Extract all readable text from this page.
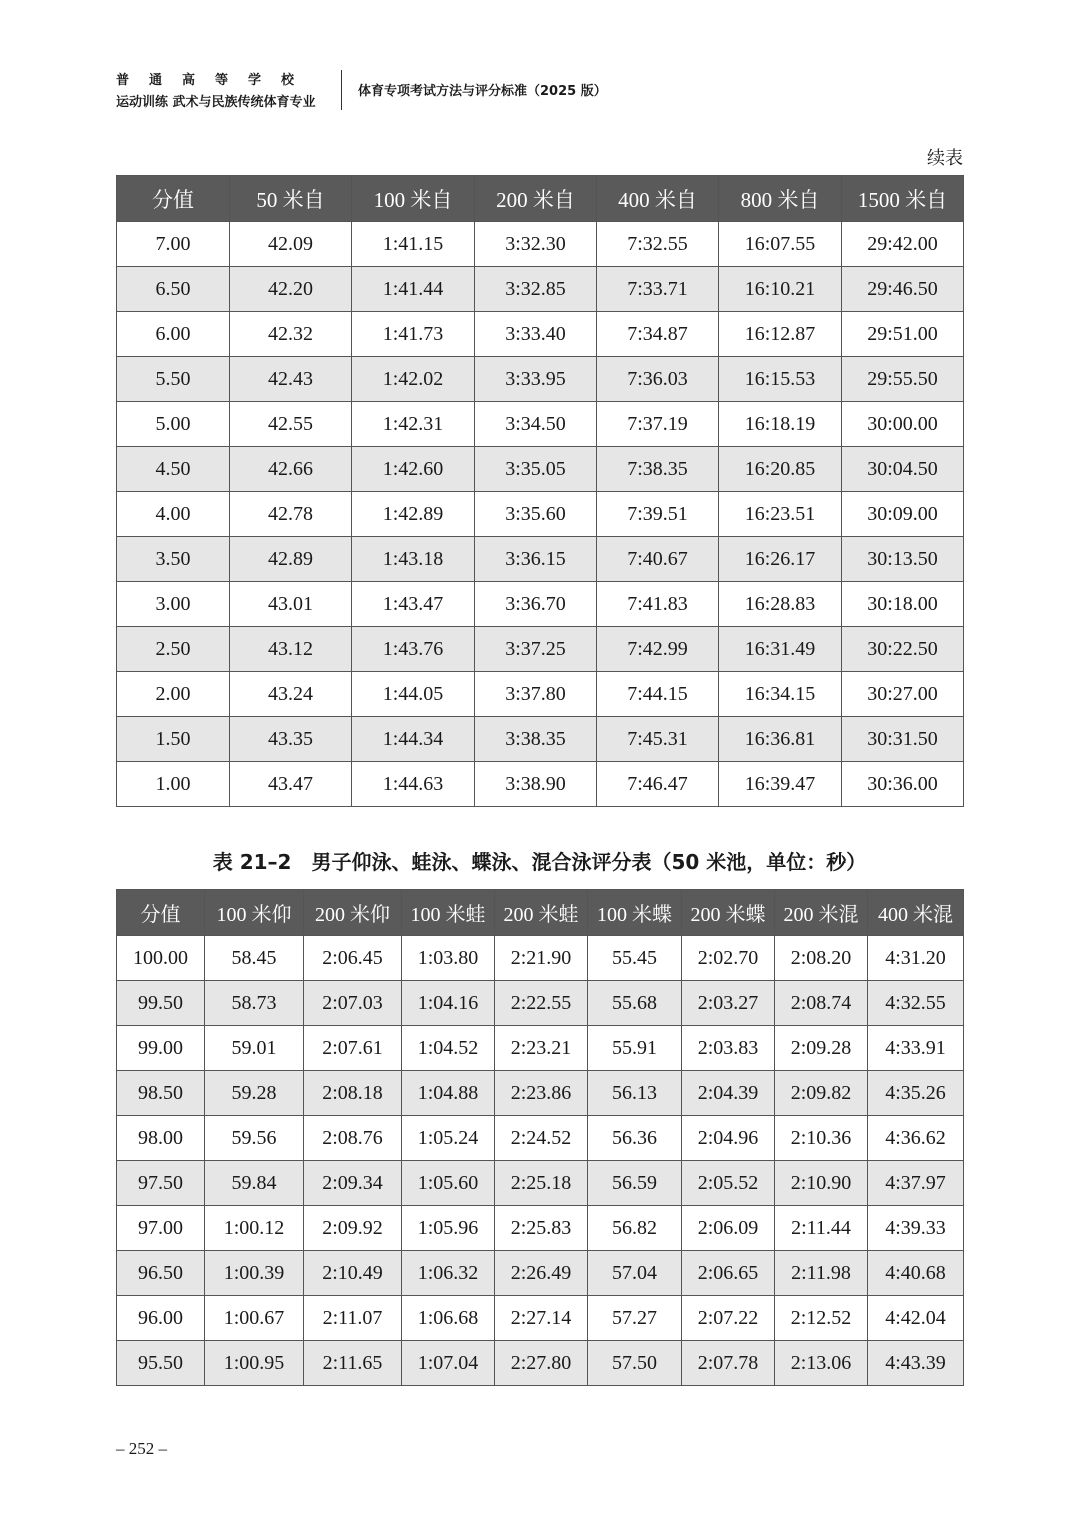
普通高等学校
运动训练 武术与民族传统体育专业
体育专项考试方法与评分标准（2025 版）
续表
分值	50 米自	100 米自	200 米自	400 米自	800 米自	1500 米自
7.00	42.09	1:41.15	3:32.30	7:32.55	16:07.55	29:42.00
6.50	42.20	1:41.44	3:32.85	7:33.71	16:10.21	29:46.50
6.00	42.32	1:41.73	3:33.40	7:34.87	16:12.87	29:51.00
5.50	42.43	1:42.02	3:33.95	7:36.03	16:15.53	29:55.50
5.00	42.55	1:42.31	3:34.50	7:37.19	16:18.19	30:00.00
4.50	42.66	1:42.60	3:35.05	7:38.35	16:20.85	30:04.50
4.00	42.78	1:42.89	3:35.60	7:39.51	16:23.51	30:09.00
3.50	42.89	1:43.18	3:36.15	7:40.67	16:26.17	30:13.50
3.00	43.01	1:43.47	3:36.70	7:41.83	16:28.83	30:18.00
2.50	43.12	1:43.76	3:37.25	7:42.99	16:31.49	30:22.50
2.00	43.24	1:44.05	3:37.80	7:44.15	16:34.15	30:27.00
1.50	43.35	1:44.34	3:38.35	7:45.31	16:36.81	30:31.50
1.00	43.47	1:44.63	3:38.90	7:46.47	16:39.47	30:36.00
表 21–2　男子仰泳、蛙泳、蝶泳、混合泳评分表（50 米池，单位：秒）
分值	100 米仰	200 米仰	100 米蛙	200 米蛙	100 米蝶	200 米蝶	200 米混	400 米混
100.00	58.45	2:06.45	1:03.80	2:21.90	55.45	2:02.70	2:08.20	4:31.20
99.50	58.73	2:07.03	1:04.16	2:22.55	55.68	2:03.27	2:08.74	4:32.55
99.00	59.01	2:07.61	1:04.52	2:23.21	55.91	2:03.83	2:09.28	4:33.91
98.50	59.28	2:08.18	1:04.88	2:23.86	56.13	2:04.39	2:09.82	4:35.26
98.00	59.56	2:08.76	1:05.24	2:24.52	56.36	2:04.96	2:10.36	4:36.62
97.50	59.84	2:09.34	1:05.60	2:25.18	56.59	2:05.52	2:10.90	4:37.97
97.00	1:00.12	2:09.92	1:05.96	2:25.83	56.82	2:06.09	2:11.44	4:39.33
96.50	1:00.39	2:10.49	1:06.32	2:26.49	57.04	2:06.65	2:11.98	4:40.68
96.00	1:00.67	2:11.07	1:06.68	2:27.14	57.27	2:07.22	2:12.52	4:42.04
95.50	1:00.95	2:11.65	1:07.04	2:27.80	57.50	2:07.78	2:13.06	4:43.39
– 252 –
